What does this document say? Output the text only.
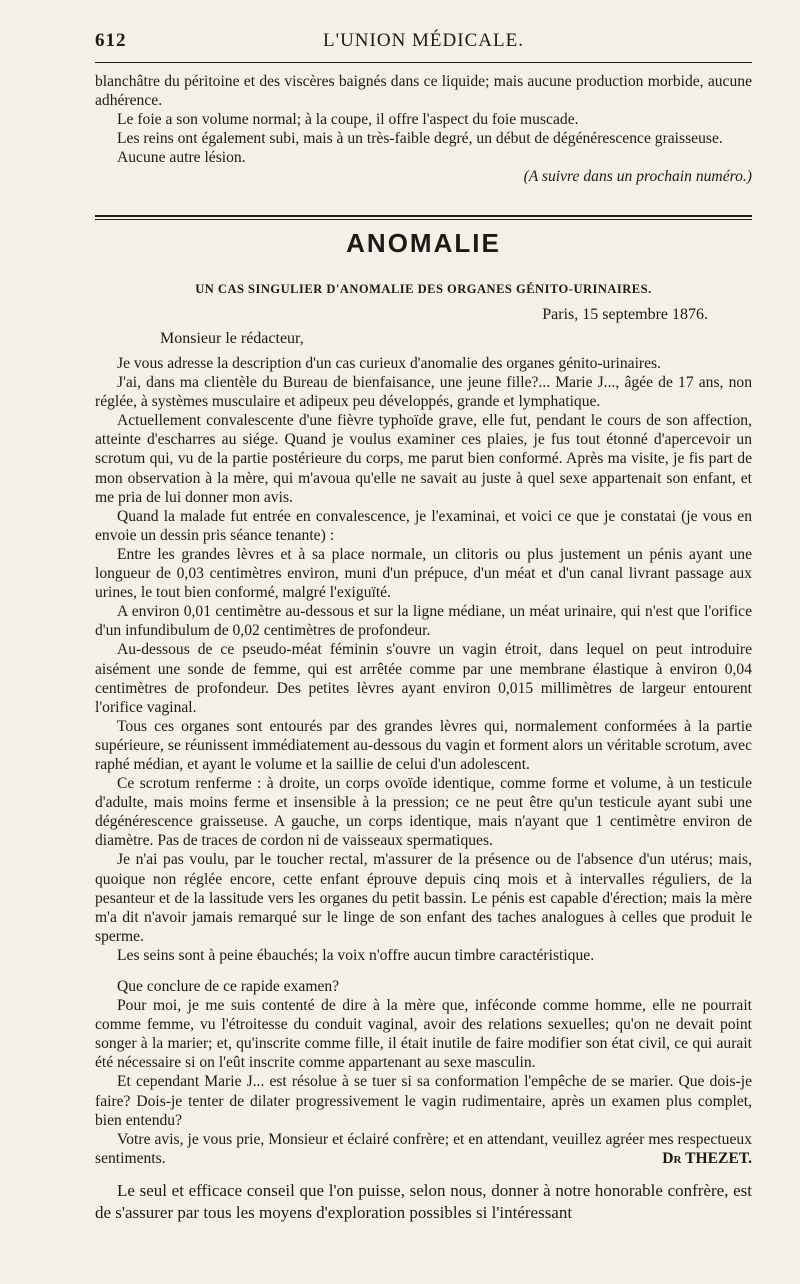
612	L'UNION MÉDICALE.

blanchâtre du péritoine et des viscères baignés dans ce liquide; mais aucune production morbide, aucune adhérence.

Le foie a son volume normal; à la coupe, il offre l'aspect du foie muscade.

Les reins ont également subi, mais à un très-faible degré, un début de dégénérescence graisseuse.

Aucune autre lésion.

(A suivre dans un prochain numéro.)

ANOMALIE
UN CAS SINGULIER D'ANOMALIE DES ORGANES GÉNITO-URINAIRES.
Paris, 15 septembre 1876.
Monsieur le rédacteur,

Je vous adresse la description d'un cas curieux d'anomalie des organes génito-urinaires.

J'ai, dans ma clientèle du Bureau de bienfaisance, une jeune fille?... Marie J..., âgée de 17 ans, non réglée, à systèmes musculaire et adipeux peu développés, grande et lymphatique.

Actuellement convalescente d'une fièvre typhoïde grave, elle fut, pendant le cours de son affection, atteinte d'escharres au siége. Quand je voulus examiner ces plaies, je fus tout étonné d'apercevoir un scrotum qui, vu de la partie postérieure du corps, me parut bien conformé. Après ma visite, je fis part de mon observation à la mère, qui m'avoua qu'elle ne savait au juste à quel sexe appartenait son enfant, et me pria de lui donner mon avis.

Quand la malade fut entrée en convalescence, je l'examinai, et voici ce que je constatai (je vous en envoie un dessin pris séance tenante) :

Entre les grandes lèvres et à sa place normale, un clitoris ou plus justement un pénis ayant une longueur de 0,03 centimètres environ, muni d'un prépuce, d'un méat et d'un canal livrant passage aux urines, le tout bien conformé, malgré l'exiguïté.

A environ 0,01 centimètre au-dessous et sur la ligne médiane, un méat urinaire, qui n'est que l'orifice d'un infundibulum de 0,02 centimètres de profondeur.

Au-dessous de ce pseudo-méat féminin s'ouvre un vagin étroit, dans lequel on peut introduire aisément une sonde de femme, qui est arrêtée comme par une membrane élastique à environ 0,04 centimètres de profondeur. Des petites lèvres ayant environ 0,015 millimètres de largeur entourent l'orifice vaginal.

Tous ces organes sont entourés par des grandes lèvres qui, normalement conformées à la partie supérieure, se réunissent immédiatement au-dessous du vagin et forment alors un véritable scrotum, avec raphé médian, et ayant le volume et la saillie de celui d'un adolescent.

Ce scrotum renferme : à droite, un corps ovoïde identique, comme forme et volume, à un testicule d'adulte, mais moins ferme et insensible à la pression; ce ne peut être qu'un testicule ayant subi une dégénérescence graisseuse. A gauche, un corps identique, mais n'ayant que 1 centimètre environ de diamètre. Pas de traces de cordon ni de vaisseaux spermatiques.

Je n'ai pas voulu, par le toucher rectal, m'assurer de la présence ou de l'absence d'un utérus; mais, quoique non réglée encore, cette enfant éprouve depuis cinq mois et à intervalles réguliers, de la pesanteur et de la lassitude vers les organes du petit bassin. Le pénis est capable d'érection; mais la mère m'a dit n'avoir jamais remarqué sur le linge de son enfant des taches analogues à celles que produit le sperme.

Les seins sont à peine ébauchés; la voix n'offre aucun timbre caractéristique.

Que conclure de ce rapide examen?

Pour moi, je me suis contenté de dire à la mère que, inféconde comme homme, elle ne pourrait comme femme, vu l'étroitesse du conduit vaginal, avoir des relations sexuelles; qu'on ne devait point songer à la marier; et, qu'inscrite comme fille, il était inutile de faire modifier son état civil, ce qui aurait été nécessaire si on l'eût inscrite comme appartenant au sexe masculin.

Et cependant Marie J... est résolue à se tuer si sa conformation l'empêche de se marier. Que dois-je faire? Dois-je tenter de dilater progressivement le vagin rudimentaire, après un examen plus complet, bien entendu?

Votre avis, je vous prie, Monsieur et éclairé confrère; et en attendant, veuillez agréer mes respectueux sentiments.	Dr THEZET.

Le seul et efficace conseil que l'on puisse, selon nous, donner à notre honorable confrère, est de s'assurer par tous les moyens d'exploration possibles si l'intéressant
